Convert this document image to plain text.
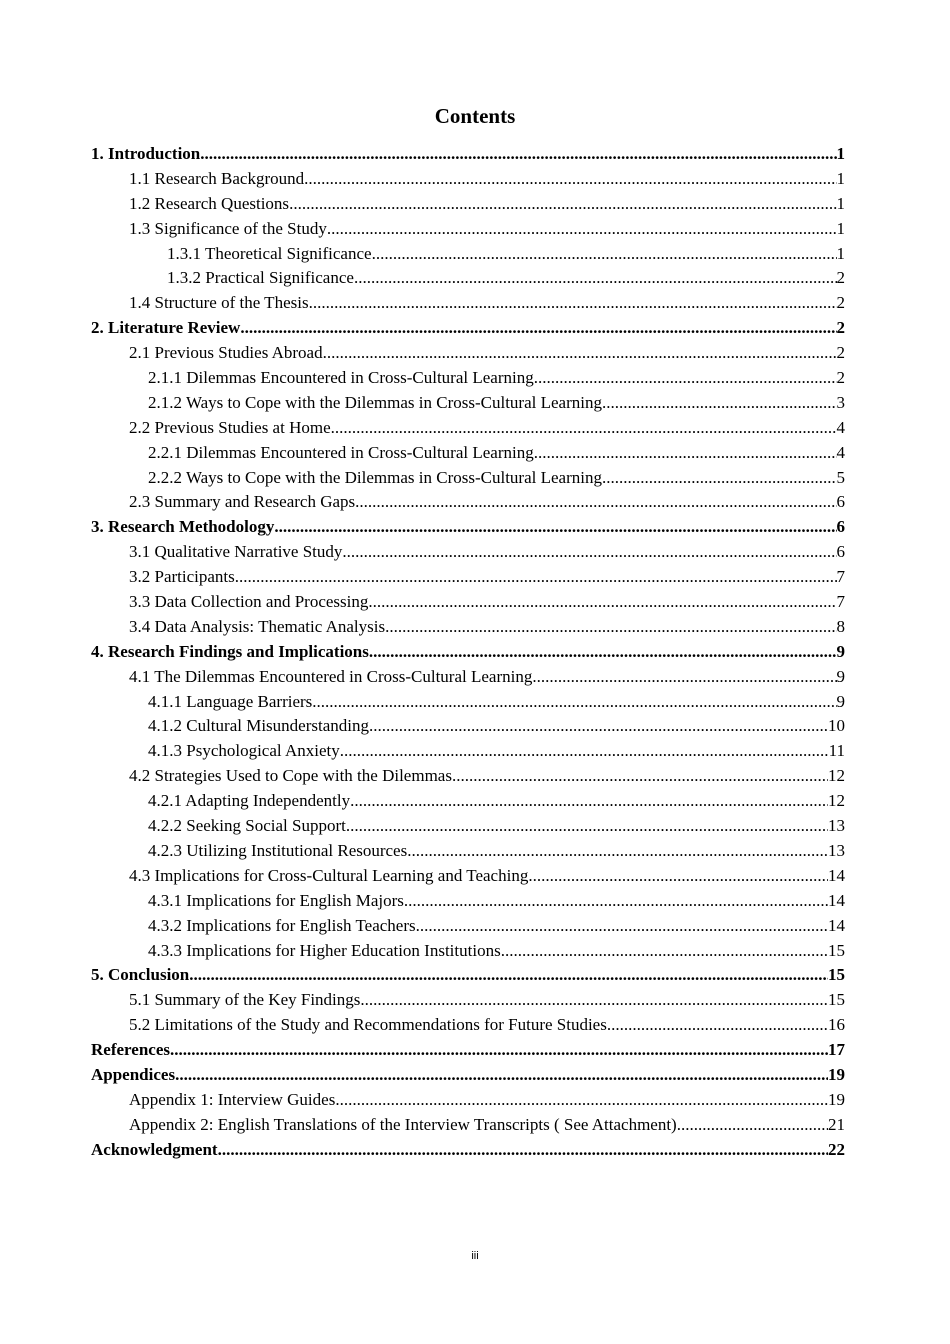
Contents
1. Introduction .....	1
1.1 Research Background .....	1
1.2 Research Questions .....	1
1.3 Significance of the Study .....	1
1.3.1 Theoretical Significance .....	1
1.3.2 Practical Significance .....	2
1.4 Structure of the Thesis .....	2
2. Literature Review .....	2
2.1 Previous Studies Abroad .....	2
2.1.1 Dilemmas Encountered in Cross-Cultural Learning .....	2
2.1.2 Ways to Cope with the Dilemmas in Cross-Cultural Learning .....	3
2.2 Previous Studies at Home .....	4
2.2.1 Dilemmas Encountered in Cross-Cultural Learning .....	4
2.2.2 Ways to Cope with the Dilemmas in Cross-Cultural Learning .....	5
2.3 Summary and Research Gaps .....	6
3. Research Methodology .....	6
3.1 Qualitative Narrative Study .....	6
3.2 Participants .....	7
3.3 Data Collection and Processing .....	7
3.4 Data Analysis: Thematic Analysis .....	8
4. Research Findings and Implications .....	9
4.1 The Dilemmas Encountered in Cross-Cultural Learning .....	9
4.1.1 Language Barriers .....	9
4.1.2 Cultural Misunderstanding .....	10
4.1.3 Psychological Anxiety .....	11
4.2 Strategies Used to Cope with the Dilemmas .....	12
4.2.1 Adapting Independently .....	12
4.2.2 Seeking Social Support .....	13
4.2.3 Utilizing Institutional Resources .....	13
4.3 Implications for Cross-Cultural Learning and Teaching .....	14
4.3.1 Implications for English Majors .....	14
4.3.2 Implications for English Teachers .....	14
4.3.3 Implications for Higher Education Institutions .....	15
5. Conclusion .....	15
5.1 Summary of the Key Findings .....	15
5.2 Limitations of the Study and Recommendations for Future Studies .....	16
References .....	17
Appendices .....	19
Appendix 1: Interview Guides .....	19
Appendix 2: English Translations of the Interview Transcripts ( See Attachment) .....	21
Acknowledgment .....	22
iii
